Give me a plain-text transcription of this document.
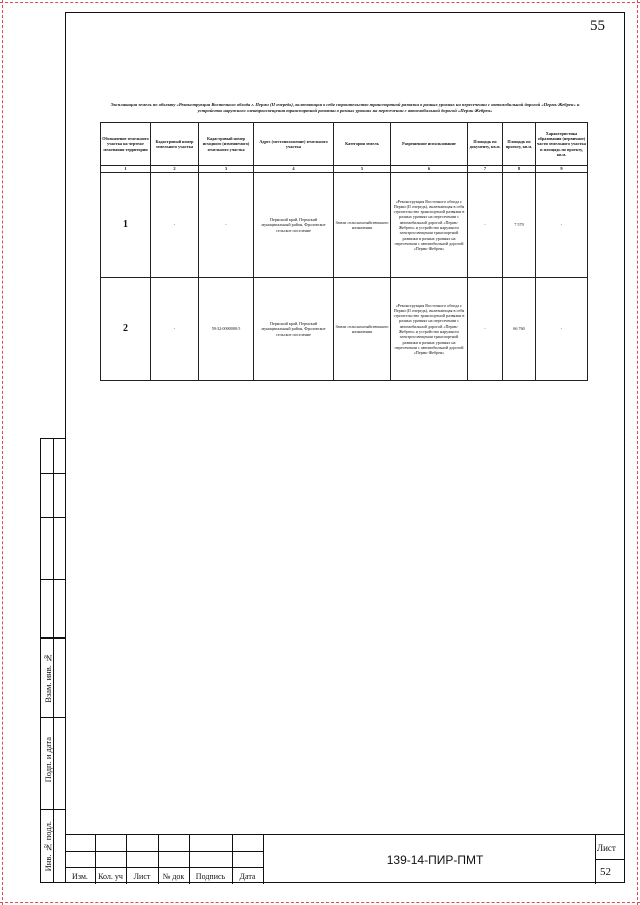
55
Экспликация земель по объекту «Реконструкция Восточного обхода г. Перми (II очередь), включающая в себя строительство транспортной развязки в разных уровнях на пересечении с автомобильной дорогой «Пермь-Жебреи» и устройство наружного электроосвещения транспортной развязки в разных уровнях на пересечении с автомобильной дорогой «Пермь-Жебреи»
Обозначение земельного участка на чертеже межевания территории	Кадастровый номер земельного участка	Кадастровый номер исходного (изменяемого) земельного участка	Адрес (местоположение) земельного участка	Категория земель	Разрешенное использование	Площадь по документу, кв.м.	Площадь по проекту, кв.м.	Характеристика образования (первичное) части земельного участка и площадь по проекту, кв.м.
1	2	3	4	5	6	7	8	9
1	-	-	Пермский край, Пермский муниципальный район, Фроловское сельское поселение	Земли сельскохозяйственного назначения	«Реконструкция Восточного обхода г. Перми (II очередь), включающая в себя строительство транспортной развязки в разных уровнях на пересечении с автомобильной дорогой «Пермь-Жебреи» и устройство наружного электроосвещения транспортной развязки в разных уровнях на пересечении с автомобильной дорогой «Пермь-Жебреи»	-	7 579	-
2	-	59:32:0000000:5	Пермский край, Пермский муниципальный район, Фроловское сельское поселение	Земли сельскохозяйственного назначения	«Реконструкция Восточного обхода г. Перми (II очередь), включающая в себя строительство транспортной развязки в разных уровнях на пересечении с автомобильной дорогой «Пермь-Жебреи» и устройство наружного электроосвещения транспортной развязки в разных уровнях на пересечении с автомобильной дорогой «Пермь-Жебреи»	-	66 760	-
Взам. инв. №
Подп. и дата
Инв. № подл.
Изм.	Кол. уч	Лист	№ док	Подпись	Дата
139-14-ПИР-ПМТ
Лист
52
